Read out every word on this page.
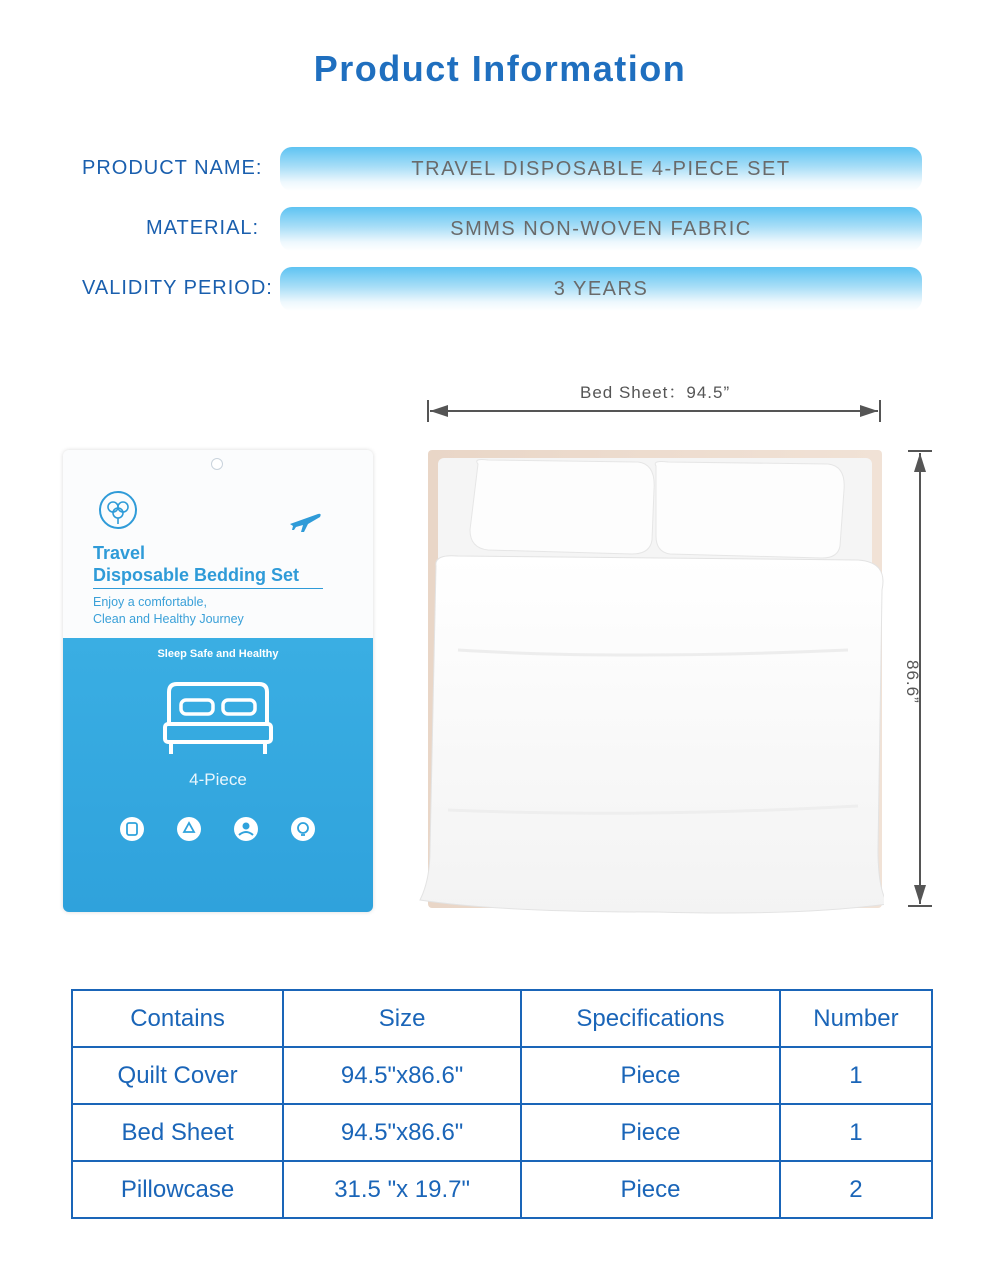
Product Information
PRODUCT NAME:	TRAVEL DISPOSABLE 4-PIECE SET
MATERIAL:	SMMS NON-WOVEN FABRIC
VALIDITY PERIOD:	3 YEARS
Bed Sheet：94.5”
86.6”
Travel
Disposable Bedding Set
Enjoy a comfortable,
Clean and Healthy Journey
Sleep Safe and Healthy
4-Piece
Contains	Size	Specifications	Number
Quilt Cover	94.5"x86.6"	Piece	1
Bed Sheet	94.5"x86.6"	Piece	1
Pillowcase	31.5 "x 19.7"	Piece	2
